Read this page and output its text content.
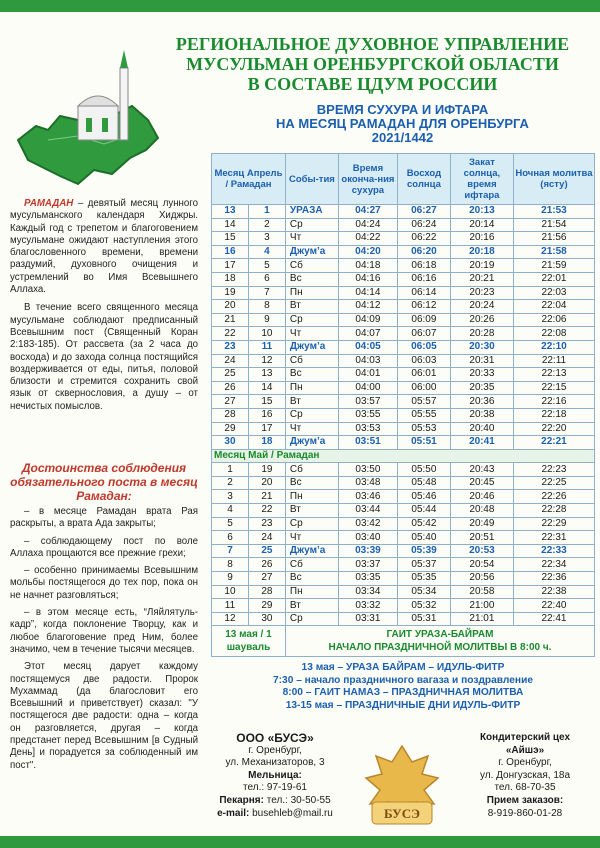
РЕГИОНАЛЬНОЕ ДУХОВНОЕ УПРАВЛЕНИЕ
МУСУЛЬМАН ОРЕНБУРГСКОЙ ОБЛАСТИ
В СОСТАВЕ ЦДУМ РОССИИ
ВРЕМЯ СУХУРА И ИФТАРА
НА МЕСЯЦ РАМАДАН ДЛЯ ОРЕНБУРГА
2021/1442

РАМАДАН – девятый месяц лунного мусульманского календаря Хиджры. Каждый год с трепетом и благоговением мусульмане ожидают наступления этого благословенного времени, времени раздумий, духовного очищения и устремлений во Имя Всевышнего Аллаха.

В течение всего священного месяца мусульмане соблюдают предписанный Всевышним пост (Священный Коран 2:183-185). От рассвета (за 2 часа до восхода) и до захода солнца постящийся воздерживается от еды, питья, половой близости и стремится сохранить свой язык от сквернословия, а душу – от нечистых помыслов.

Достоинства соблюдения обязательного поста в месяц Рамадан:

– в месяце Рамадан врата Рая раскрыты, а врата Ада закрыты;

– соблюдающему пост по воле Аллаха прощаются все прежние грехи;

– особенно принимаемы Всевышним мольбы постящегося до тех пор, пока он не начнет разговляться;

– в этом месяце есть, “Ляйлятуль-кадр”, когда поклонение Творцу, как и любое благоговение пред Ним, более значимо, чем в течение тысячи месяцев.

Этот месяц дарует каждому постящемуся две радости. Пророк Мухаммад (да благословит его Всевышний и приветствует) сказал: "У постящегося две радости: одна – когда он разговляется, другая – когда предстанет перед Всевышним [в Судный День] и порадуется за соблюденный им пост".

Месяц Апрель / Рамадан		Собы-тия	Время оконча-ния сухура	Восход солнца	Закат солнца, время ифтара	Ночная молитва (ясту)
13	1	УРАЗА	04:27	06:27	20:13	21:53
14	2	Ср	04:24	06:24	20:14	21:54
15	3	Чт	04:22	06:22	20:16	21:56
16	4	Джум’а	04:20	06:20	20:18	21:58
17	5	Сб	04:18	06:18	20:19	21:59
18	6	Вс	04:16	06:16	20:21	22:01
19	7	Пн	04:14	06:14	20:23	22:03
20	8	Вт	04:12	06:12	20:24	22:04
21	9	Ср	04:09	06:09	20:26	22:06
22	10	Чт	04:07	06:07	20:28	22:08
23	11	Джум’а	04:05	06:05	20:30	22:10
24	12	Сб	04:03	06:03	20:31	22:11
25	13	Вс	04:01	06:01	20:33	22:13
26	14	Пн	04:00	06:00	20:35	22:15
27	15	Вт	03:57	05:57	20:36	22:16
28	16	Ср	03:55	05:55	20:38	22:18
29	17	Чт	03:53	05:53	20:40	22:20
30	18	Джум’а	03:51	05:51	20:41	22:21
Месяц Май / Рамадан						
1	19	Сб	03:50	05:50	20:43	22:23
2	20	Вс	03:48	05:48	20:45	22:25
3	21	Пн	03:46	05:46	20:46	22:26
4	22	Вт	03:44	05:44	20:48	22:28
5	23	Ср	03:42	05:42	20:49	22:29
6	24	Чт	03:40	05:40	20:51	22:31
7	25	Джум’а	03:39	05:39	20:53	22:33
8	26	Сб	03:37	05:37	20:54	22:34
9	27	Вс	03:35	05:35	20:56	22:36
10	28	Пн	03:34	05:34	20:58	22:38
11	29	Вт	03:32	05:32	21:00	22:40
12	30	Ср	03:31	05:31	21:01	22:41
13 мая / 1 шауваль		ГАИТ УРАЗА-БАЙРАМ
НАЧАЛО ПРАЗДНИЧНОЙ МОЛИТВЫ В 8:00 ч.				
13 мая – УРАЗА БАЙРАМ – ИДУЛЬ-ФИТР
7:30 – начало праздничного вагаза и поздравление
8:00 – ГАИТ НАМАЗ – ПРАЗДНИЧНАЯ МОЛИТВА
13-15 мая – ПРАЗДНИЧНЫЕ ДНИ ИДУЛЬ-ФИТР
ООО «БУСЭ»
г. Оренбург,
ул. Механизаторов, 3
Мельница:
тел.: 97-19-61
Пекарня: тел.: 30-50-55
e-mail: busehleb@mail.ru	БУСЭ
Кондитерский цех
«Айшэ»
г. Оренбург,
ул. Донгузская, 18а
тел. 68-70-35
Прием заказов:
8-919-860-01-28
